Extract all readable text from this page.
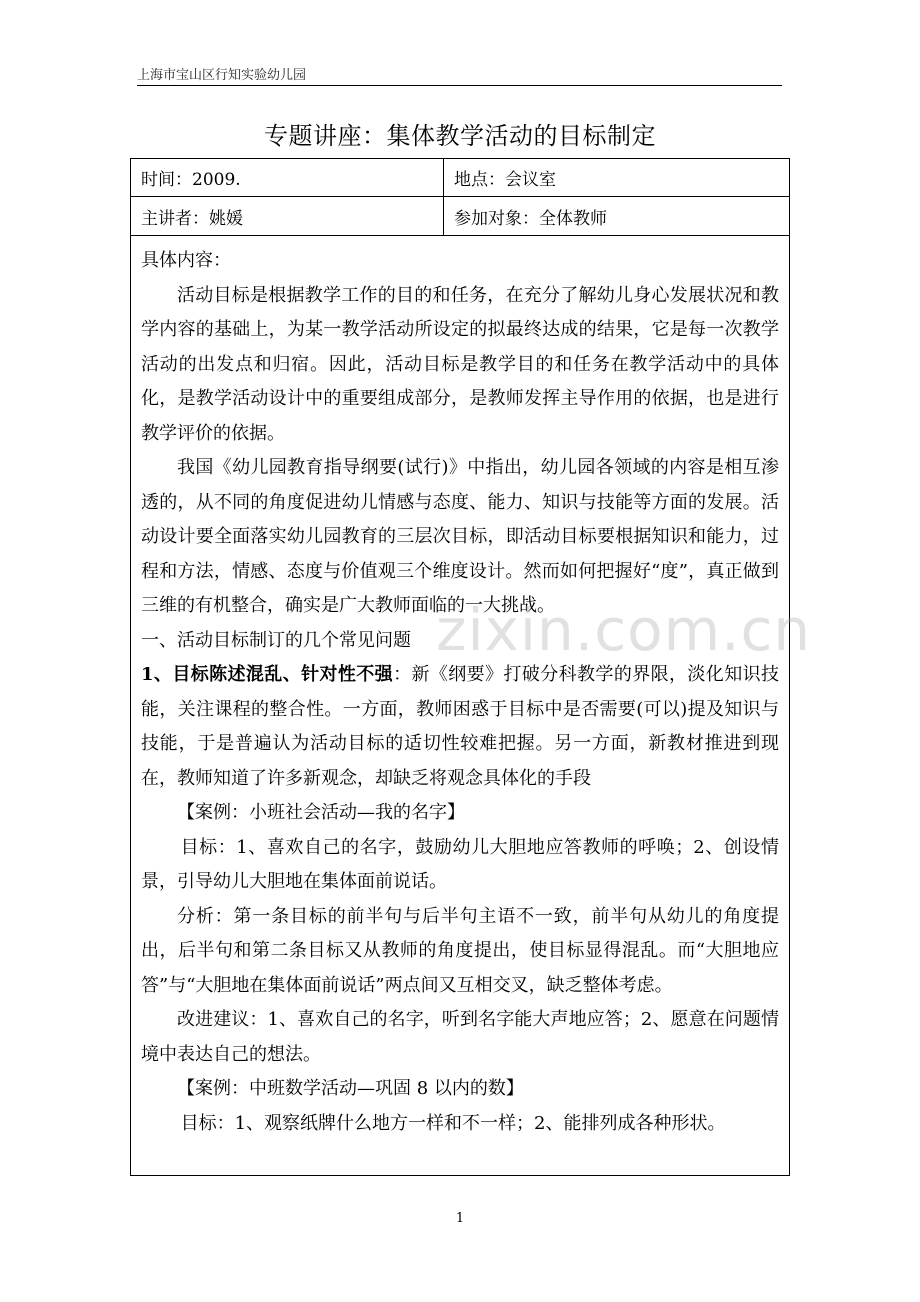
上海市宝山区行知实验幼儿园
专题讲座：集体教学活动的目标制定
时间：2009.	地点：会议室
主讲者：姚媛	参加对象：全体教师

具体内容：

活动目标是根据教学工作的目的和任务，在充分了解幼儿身心发展状况和教学内容的基础上，为某一教学活动所设定的拟最终达成的结果，它是每一次教学活动的出发点和归宿。因此，活动目标是教学目的和任务在教学活动中的具体化，是教学活动设计中的重要组成部分，是教师发挥主导作用的依据，也是进行教学评价的依据。

我国《幼儿园教育指导纲要(试行)》中指出，幼儿园各领域的内容是相互渗透的，从不同的角度促进幼儿情感与态度、能力、知识与技能等方面的发展。活动设计要全面落实幼儿园教育的三层次目标，即活动目标要根据知识和能力，过程和方法，情感、态度与价值观三个维度设计。然而如何把握好“度”，真正做到三维的有机整合，确实是广大教师面临的一大挑战。

一、活动目标制订的几个常见问题

1、目标陈述混乱、针对性不强：新《纲要》打破分科教学的界限，淡化知识技能，关注课程的整合性。一方面，教师困惑于目标中是否需要(可以)提及知识与技能，于是普遍认为活动目标的适切性较难把握。另一方面，新教材推进到现在，教师知道了许多新观念，却缺乏将观念具体化的手段

【案例：小班社会活动—我的名字】

目标：1、喜欢自己的名字，鼓励幼儿大胆地应答教师的呼唤；2、创设情景，引导幼儿大胆地在集体面前说话。

分析：第一条目标的前半句与后半句主语不一致，前半句从幼儿的角度提出，后半句和第二条目标又从教师的角度提出，使目标显得混乱。而“大胆地应答”与“大胆地在集体面前说话”两点间又互相交叉，缺乏整体考虑。

改进建议：1、喜欢自己的名字，听到名字能大声地应答；2、愿意在问题情境中表达自己的想法。

【案例：中班数学活动—巩固 8 以内的数】

目标：1、观察纸牌什么地方一样和不一样；2、能排列成各种形状。

zixin.com.cn
1
